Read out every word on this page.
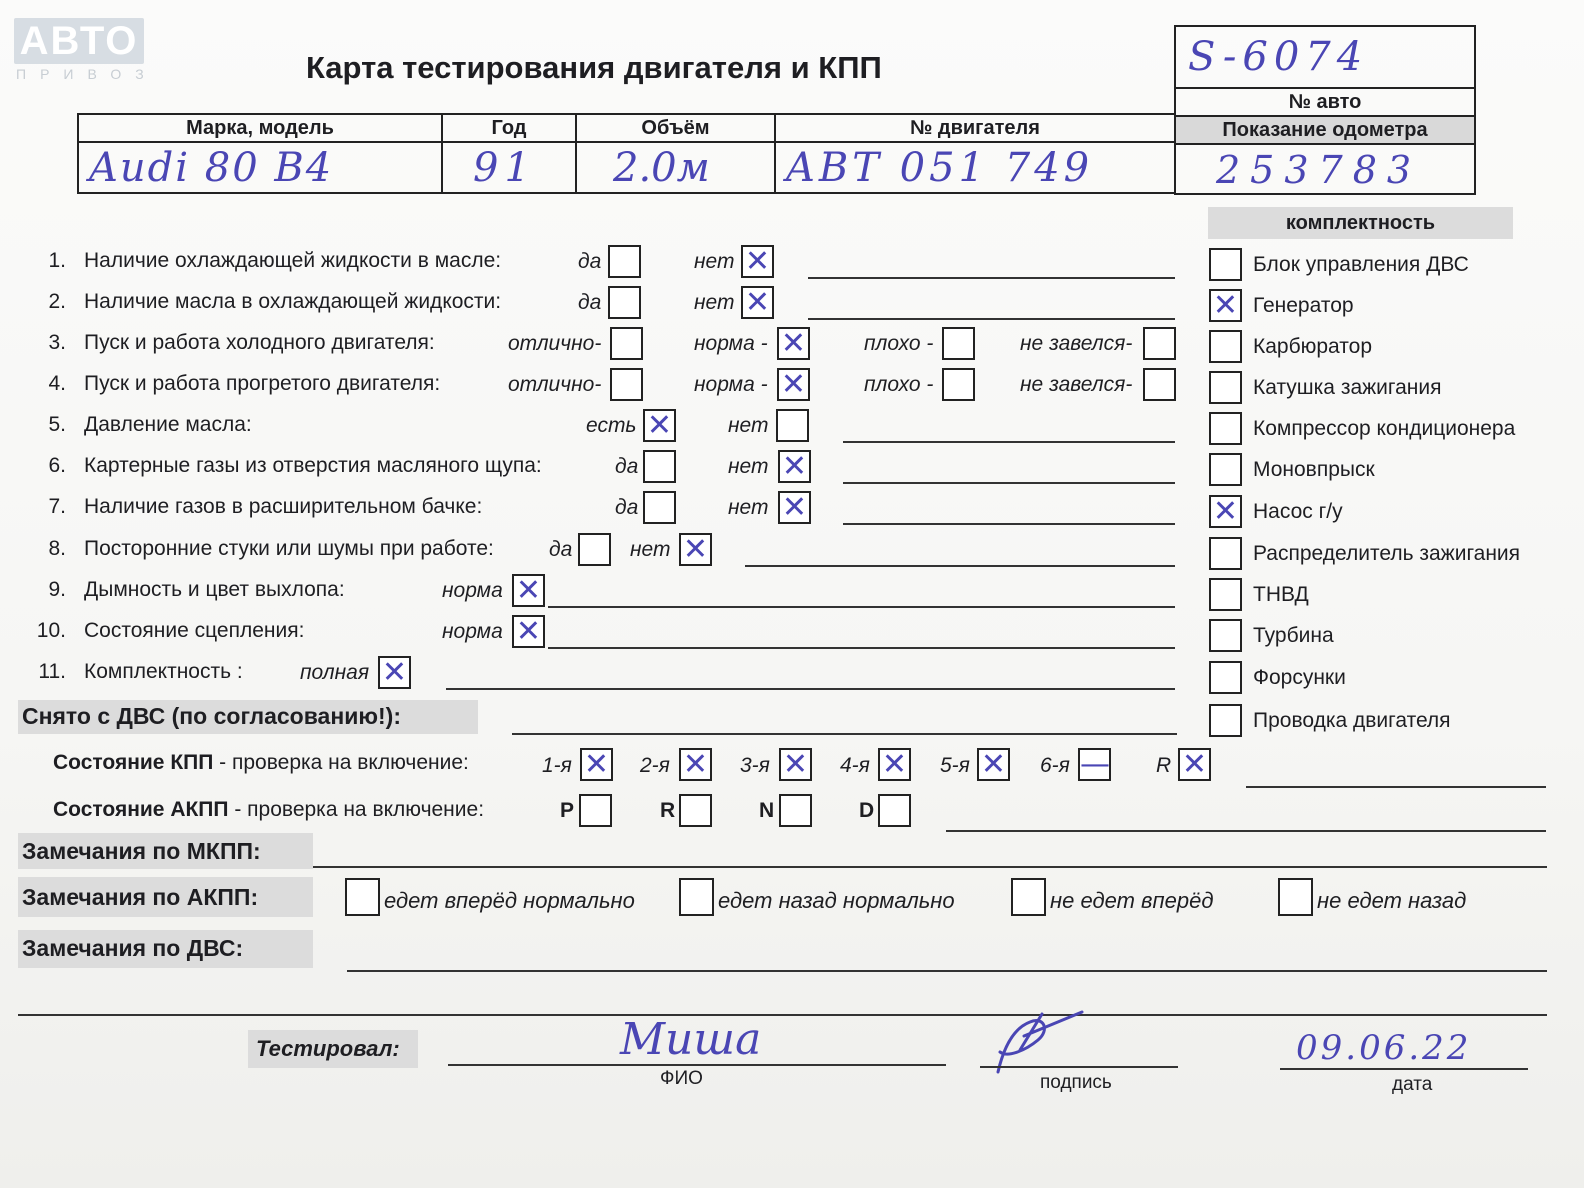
АВТО
ПРИВОЗ	Карта тестирования двигателя и КПП	S-6074
№ авто
Показание одометра
253783
Марка, модель	Год	Объём	№ двигателя
Audi 80 B4	91	2.0м	ABT 051 749
комплектность
Блок управления ДВС
✕ Генератор
Карбюратор
Катушка зажигания
Компрессор кондиционера
Моновпрыск
✕ Насос г/у
Распределитель зажигания
ТНВД
Турбина
Форсунки
Проводка двигателя
1. Наличие охлаждающей жидкости в масле:	да	нет ✕
2. Наличие масла в охлаждающей жидкости:	да	нет ✕
3. Пуск и работа холодного двигателя:	отлично-	норма - ✕	плохо -	не завелся-
4. Пуск и работа прогретого двигателя:	отлично-	норма - ✕	плохо -	не завелся-
5. Давление масла:	есть ✕	нет
6. Картерные газы из отверстия масляного щупа:	да	нет ✕
7. Наличие газов в расширительном бачке:	да	нет ✕
8. Посторонние стуки или шумы при работе:	да	нет ✕
9. Дымность и цвет выхлопа:	норма ✕
10. Состояние сцепления:	норма ✕
11. Комплектность :	полная ✕
Снято с ДВС (по согласованию!):
Состояние КПП - проверка на включение:	1-я ✕ 2-я ✕ 3-я ✕ 4-я ✕ 5-я ✕ 6-я — R ✕
Состояние АКПП - проверка на включение:	P	R	N	D
Замечания по МКПП:
Замечания по АКПП:	едет вперёд нормально	едет назад нормально	не едет вперёд	не едет назад
Замечания по ДВС:
Тестировал:	Миша
ФИО	подпись
09.06.22
дата
